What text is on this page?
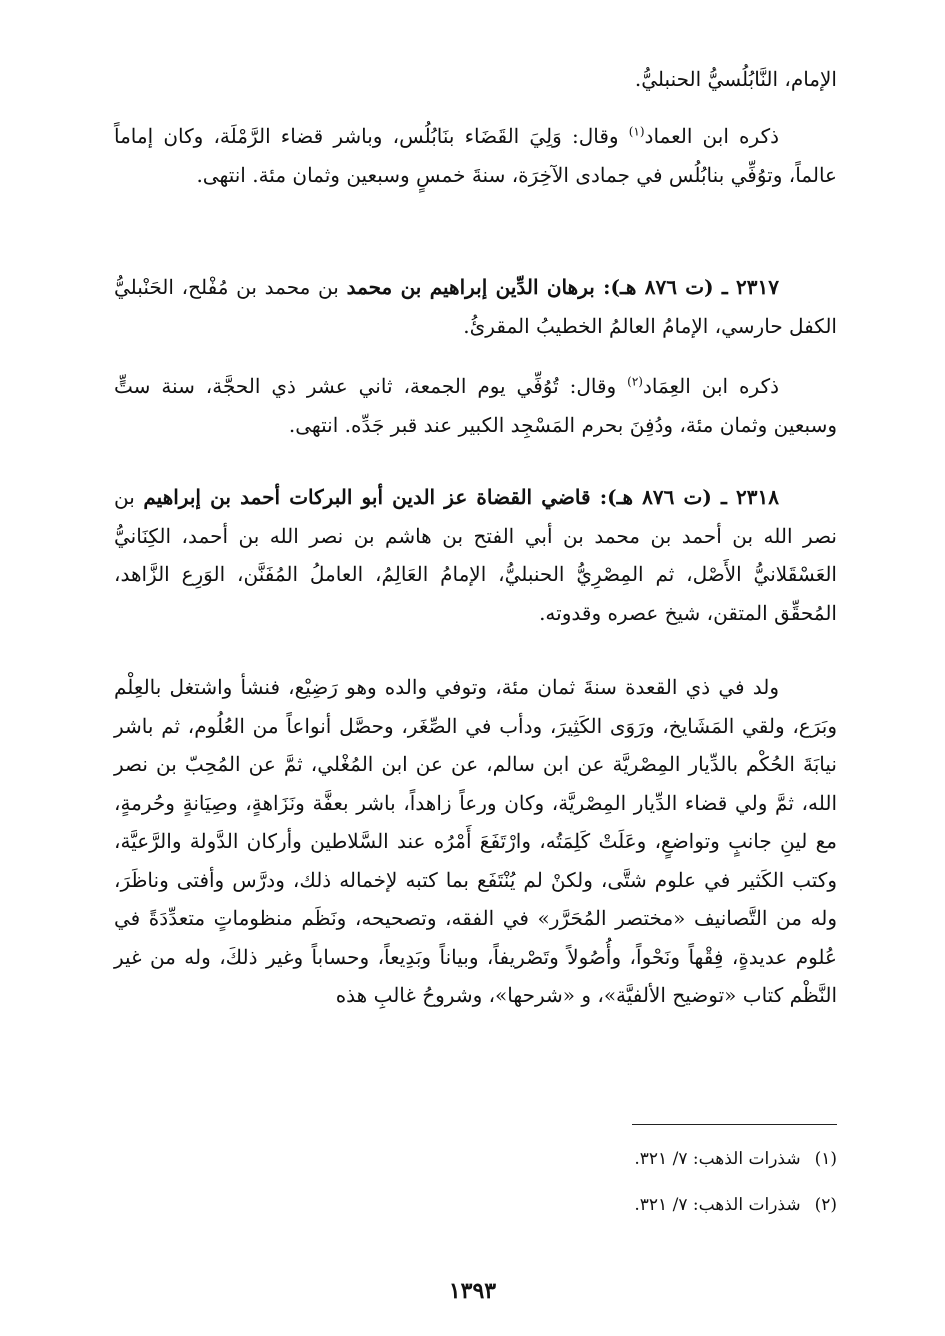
الإمام، النَّابُلُسيُّ الحنبليُّ.

ذكره ابن العماد$^{(١)}$ وقال: وَلِيَ القَضَاء بنَابُلُس، وباشر قضاء الرَّمْلَة، وكان إماماً عالماً، وتوُفِّي بنابُلُس في جمادى الآخِرَة، سنةَ خمسٍ وسبعين وثمان مئة. انتهى.

٢٣١٧ ـ (ت ٨٧٦ هـ): برهان الدِّين إبراهيم بن محمد بن محمد بن مُفْلح، الحَنْبليُّ الكفل حارسي، الإمامُ العالمُ الخطيبُ المقرئُ.

ذكره ابن العِمَاد$^{(٢)}$ وقال: تُوُفِّي يوم الجمعة، ثاني عشر ذي الحجَّة، سنة ستٍّ وسبعين وثمان مئة، ودُفِنَ بحرم المَسْجِد الكبير عند قبر جَدِّه. انتهى.

٢٣١٨ ـ (ت ٨٧٦ هـ): قاضي القضاة عز الدين أبو البركات أحمد بن إبراهيم بن نصر الله بن أحمد بن محمد بن أبي الفتح بن هاشم بن نصر الله بن أحمد، الكِنَانيُّ العَسْقَلانيُّ الأَصْل، ثم المِصْرِيُّ الحنبليُّ، الإمامُ العَالِمُ، العاملُ المُفَنَّن، الوَرِع الزَّاهد، المُحقِّق المتقن، شيخ عصره وقدوته.

ولد في ذي القعدة سنةَ ثمان مئة، وتوفي والده وهو رَضِيْع، فنشأ واشتغل بالعِلْم وبَرَع، ولقي المَشَايخ، ورَوَى الكَثِيرَ، ودأب في الصِّغَر، وحصَّل أنواعاً من العُلُوم، ثم باشر نيابَةَ الحُكْم بالدِّيار المِصْريَّة عن ابن سالم، عن عن ابن المُغْلي، ثمَّ عن المُحِبّ بن نصر الله، ثمَّ ولي قضاء الدِّيار المِصْريَّة، وكان ورعاً زاهداً، باشر بعفَّة ونَزَاهةٍ، وصِيَانةٍ وحُرمةٍ، مع لينِ جانبٍ وتواضعٍ، وعَلَتْ كَلِمَتُه، وارْتَفَعَ أَمْرُه عند السَّلاطين وأركان الدَّولة والرَّعيَّة، وكتب الكَثير في علوم شتَّى، ولكنْ لم يُنْتَفَع بما كتبه لإخماله ذلك، ودرَّس وأفتى وناظَرَ، وله من التَّصانيف «مختصر المُحَرَّر» في الفقه، وتصحيحه، ونَظَم منظوماتٍ متعدِّدَةً في عُلوم عديدةٍ، فِقْهاً ونَحْواً، وأُصُولاً وتَصْريفاً، وبياناً وبَدِيعاً، وحساباً وغير ذلكَ، وله من غير النَّظْم كتاب «توضيح الألفيَّة»، و «شرحها»، وشروحُ غالبِ هذه

(١)شذرات الذهب: ٧/ ٣٢١.
(٢)شذرات الذهب: ٧/ ٣٢١.
١٣٩٣
